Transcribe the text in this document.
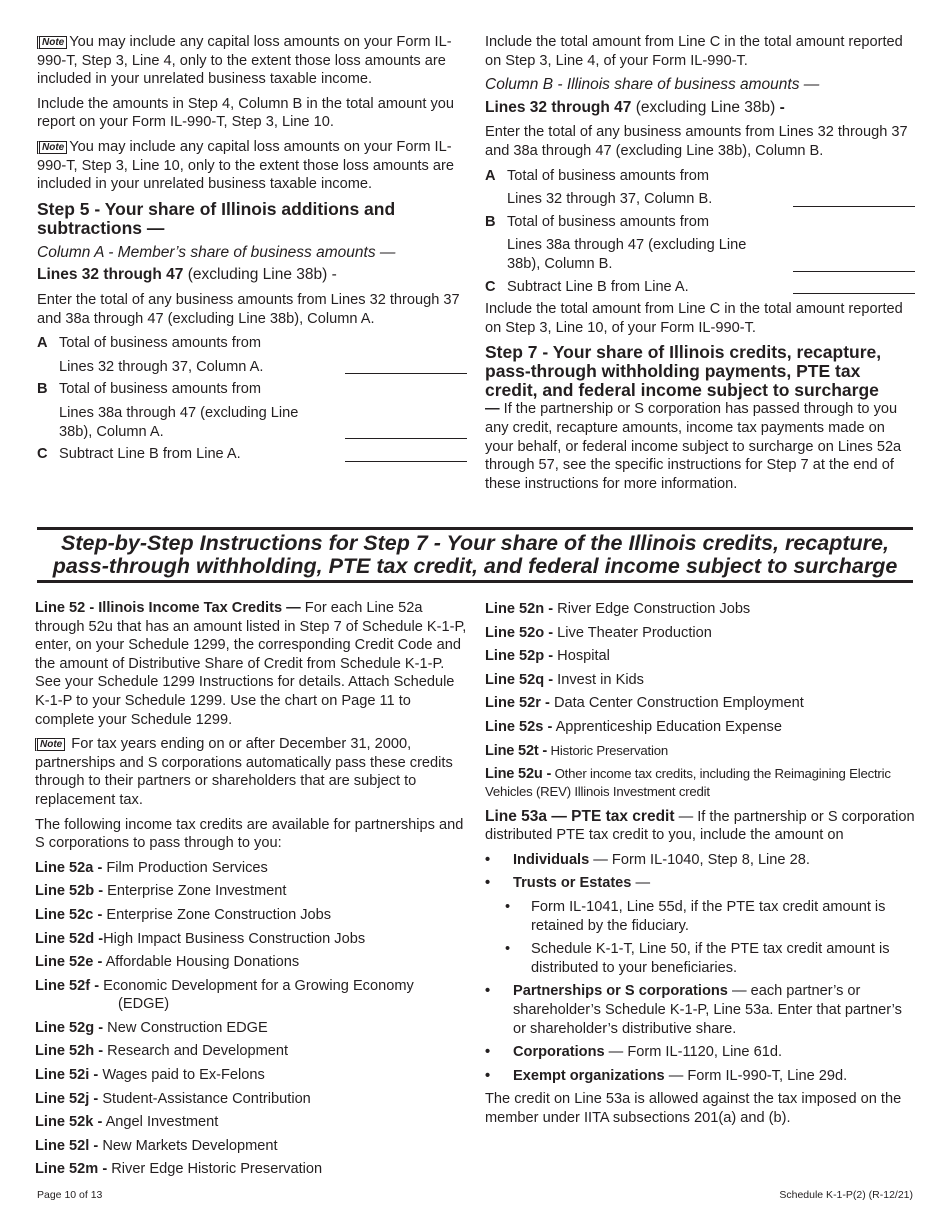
Note You may include any capital loss amounts on your Form IL-990-T, Step 3, Line 4, only to the extent those loss amounts are included in your unrelated business taxable income.

Include the amounts in Step 4, Column B in the total amount you report on your Form IL-990-T, Step 3, Line 10.

Note You may include any capital loss amounts on your Form IL-990-T, Step 3, Line 10, only to the extent those loss amounts are included in your unrelated business taxable income.

Step 5 - Your share of Illinois additions and subtractions —
Column A - Member’s share of business amounts —
Lines 32 through 47 (excluding Line 38b) -

Enter the total of any business amounts from Lines 32 through 37 and 38a through 47 (excluding Line 38b), Column A.

A Total of business amounts from
Lines 32 through 37, Column A.
B Total of business amounts from
Lines 38a through 47 (excluding Line 38b), Column A.
C Subtract Line B from Line A.

Include the total amount from Line C in the total amount reported on Step 3, Line 4, of your Form IL-990-T.

Column B - Illinois share of business amounts —
Lines 32 through 47 (excluding Line 38b) -

Enter the total of any business amounts from Lines 32 through 37 and 38a through 47 (excluding Line 38b), Column B.

A Total of business amounts from
Lines 32 through 37, Column B.
B Total of business amounts from
Lines 38a through 47 (excluding Line 38b), Column B.
C Subtract Line B from Line A.

Include the total amount from Line C in the total amount reported on Step 3, Line 10, of your Form IL-990-T.

Step 7 - Your share of Illinois credits, recapture, pass-through withholding payments, PTE tax credit, and federal income subject to surcharge

— If the partnership or S corporation has passed through to you any credit, recapture amounts, income tax payments made on your behalf, or federal income subject to surcharge on Lines 52a through 57, see the specific instructions for Step 7 at the end of these instructions for more information.

Step-by-Step Instructions for Step 7 - Your share of the Illinois credits, recapture,
pass-through withholding, PTE tax credit, and federal income subject to surcharge

Line 52 - Illinois Income Tax Credits — For each Line 52a through 52u that has an amount listed in Step 7 of Schedule K-1-P, enter, on your Schedule 1299, the corresponding Credit Code and the amount of Distributive Share of Credit from Schedule K-1-P. See your Schedule 1299 Instructions for details. Attach Schedule K-1-P to your Schedule 1299. Use the chart on Page 11 to complete your Schedule 1299.

Note For tax years ending on or after December 31, 2000, partnerships and S corporations automatically pass these credits through to their partners or shareholders that are subject to replacement tax.

The following income tax credits are available for partnerships and S corporations to pass through to you:

Line 52a - Film Production Services
Line 52b - Enterprise Zone Investment
Line 52c - Enterprise Zone Construction Jobs
Line 52d -High Impact Business Construction Jobs
Line 52e - Affordable Housing Donations
Line 52f - Economic Development for a Growing Economy (EDGE)
Line 52g - New Construction EDGE
Line 52h - Research and Development
Line 52i - Wages paid to Ex-Felons
Line 52j - Student-Assistance Contribution
Line 52k - Angel Investment
Line 52l - New Markets Development
Line 52m - River Edge Historic Preservation
Line 52n - River Edge Construction Jobs
Line 52o - Live Theater Production
Line 52p - Hospital
Line 52q - Invest in Kids
Line 52r - Data Center Construction Employment
Line 52s - Apprenticeship Education Expense
Line 52t - Historic Preservation
Line 52u - Other income tax credits, including the Reimagining Electric Vehicles (REV) Illinois Investment credit

Line 53a — PTE tax credit — If the partnership or S corporation distributed PTE tax credit to you, include the amount on

• Individuals — Form IL-1040, Step 8, Line 28.
• Trusts or Estates —
• Form IL-1041, Line 55d, if the PTE tax credit amount is retained by the fiduciary.
• Schedule K-1-T, Line 50, if the PTE tax credit amount is distributed to your beneficiaries.
• Partnerships or S corporations — each partner’s or shareholder’s Schedule K-1-P, Line 53a. Enter that partner’s or shareholder’s distributive share.
• Corporations — Form IL-1120, Line 61d.
• Exempt organizations — Form IL-990-T, Line 29d.

The credit on Line 53a is allowed against the tax imposed on the member under IITA subsections 201(a) and (b).

Page 10 of 13	Schedule K-1-P(2) (R-12/21)
